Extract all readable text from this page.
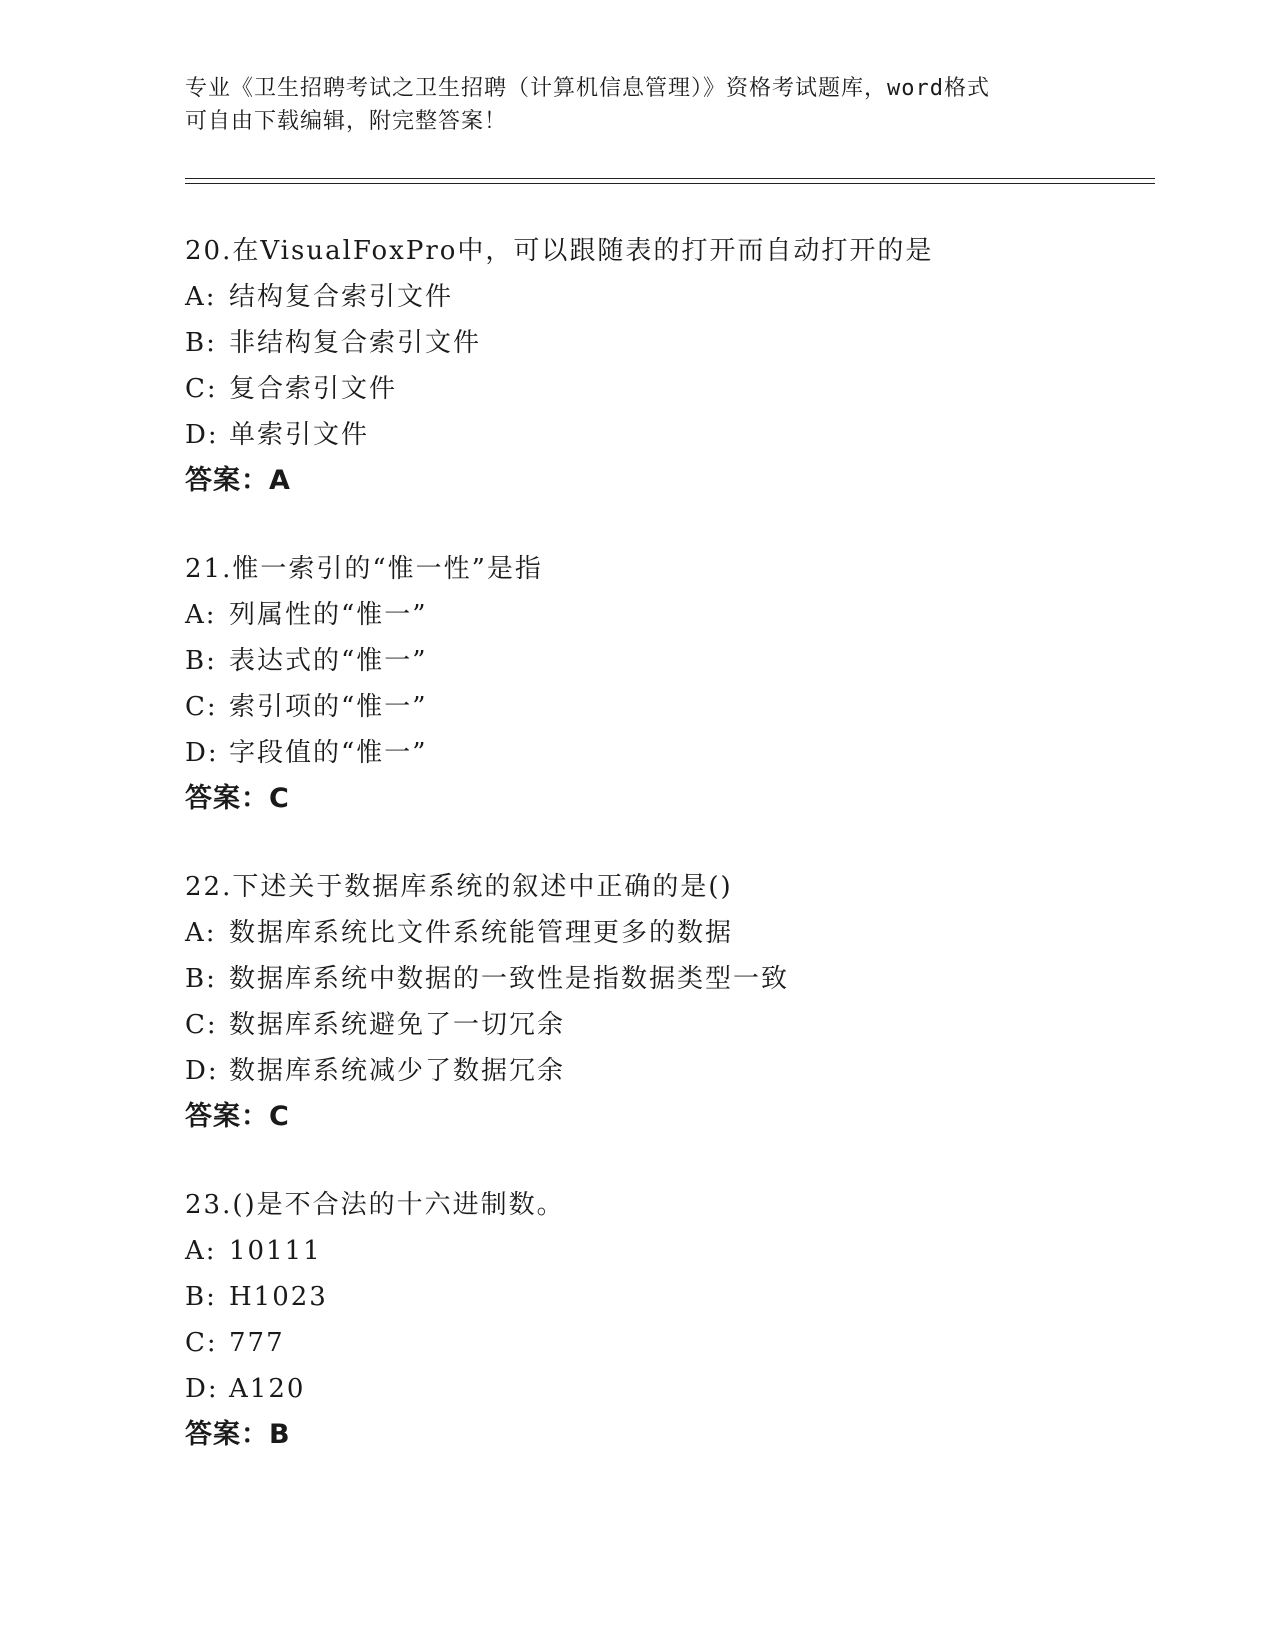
专业《卫生招聘考试之卫生招聘（计算机信息管理）》资格考试题库，word格式
可自由下载编辑，附完整答案！
20.在VisualFoxPro中，可以跟随表的打开而自动打开的是
A: 结构复合索引文件
B: 非结构复合索引文件
C: 复合索引文件
D: 单索引文件
答案：A
21.惟一索引的“惟一性”是指
A: 列属性的“惟一”
B: 表达式的“惟一”
C: 索引项的“惟一”
D: 字段值的“惟一”
答案：C
22.下述关于数据库系统的叙述中正确的是()
A: 数据库系统比文件系统能管理更多的数据
B: 数据库系统中数据的一致性是指数据类型一致
C: 数据库系统避免了一切冗余
D: 数据库系统减少了数据冗余
答案：C
23.()是不合法的十六进制数。
A: 10111
B: H1023
C: 777
D: A120
答案：B
